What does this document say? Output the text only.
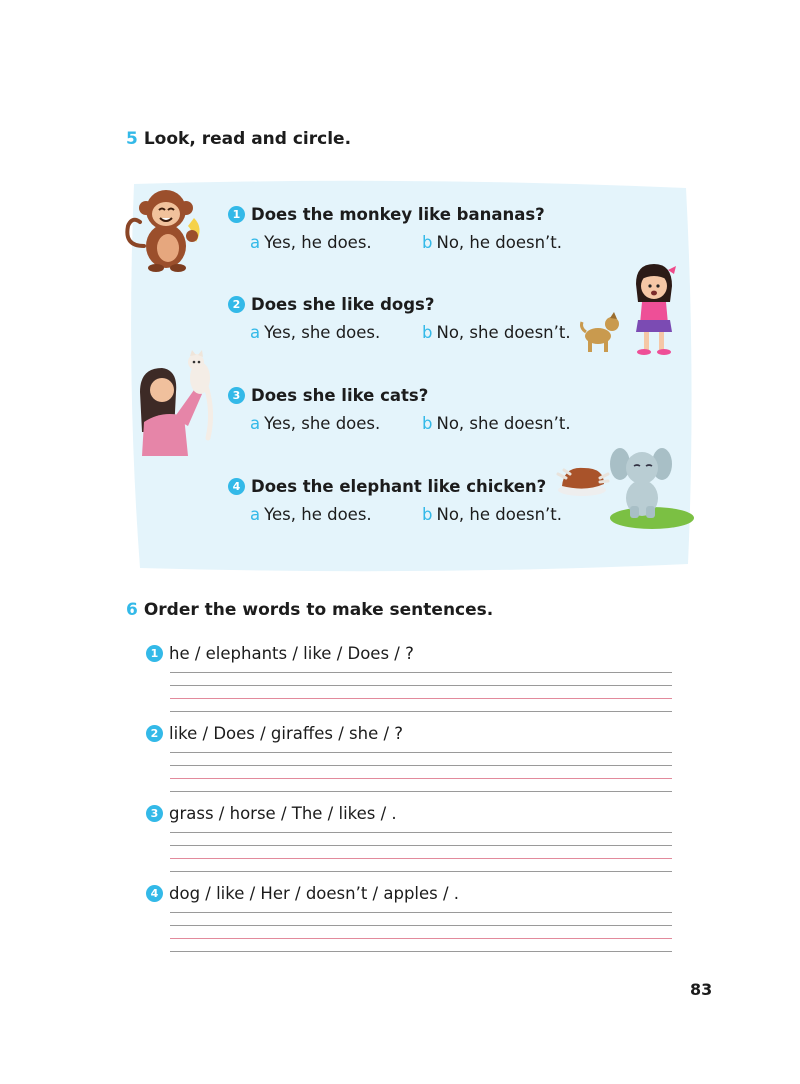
5 Look, read and circle.
1 Does the monkey like bananas?
a Yes, he does.	b No, he doesn’t.
2 Does she like dogs?
a Yes, she does.	b No, she doesn’t.
3 Does she like cats?
a Yes, she does.	b No, she doesn’t.
4 Does the elephant like chicken?
a Yes, he does.	b No, he doesn’t.
6 Order the words to make sentences.
1 he / elephants / like / Does / ?
2 like / Does / giraffes / she / ?
3 grass / horse / The / likes / .
4 dog / like / Her / doesn’t / apples / .
83
